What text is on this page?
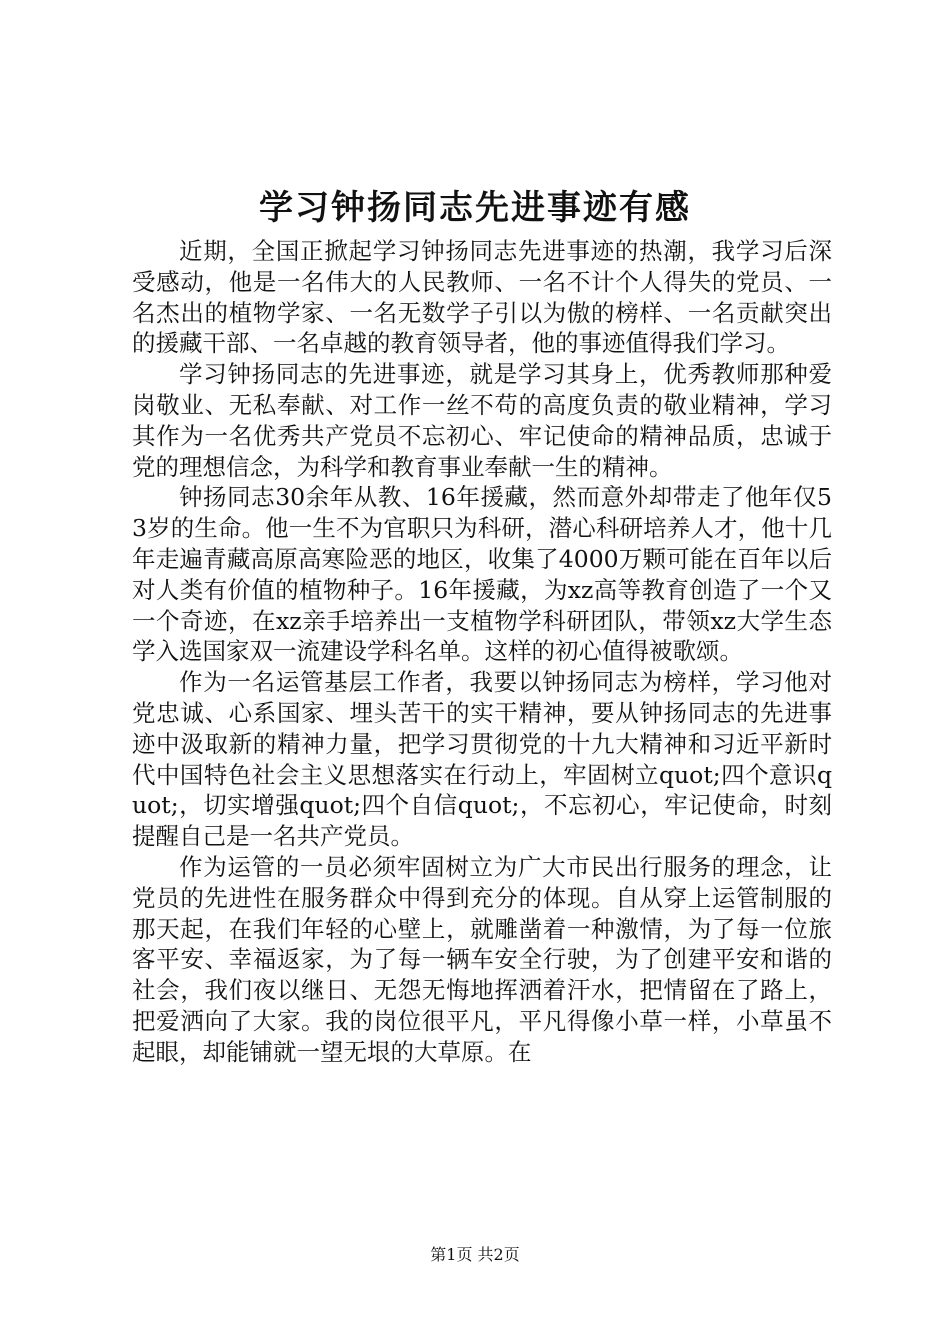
学习钟扬同志先进事迹有感

近期，全国正掀起学习钟扬同志先进事迹的热潮，我学习后深受感动，他是一名伟大的人民教师、一名不计个人得失的党员、一名杰出的植物学家、一名无数学子引以为傲的榜样、一名贡献突出的援藏干部、一名卓越的教育领导者，他的事迹值得我们学习。

学习钟扬同志的先进事迹，就是学习其身上，优秀教师那种爱岗敬业、无私奉献、对工作一丝不苟的高度负责的敬业精神，学习其作为一名优秀共产党员不忘初心、牢记使命的精神品质，忠诚于党的理想信念，为科学和教育事业奉献一生的精神。

钟扬同志30余年从教、16年援藏，然而意外却带走了他年仅53岁的生命。他一生不为官职只为科研，潜心科研培养人才，他十几年走遍青藏高原高寒险恶的地区，收集了4000万颗可能在百年以后对人类有价值的植物种子。16年援藏，为xz高等教育创造了一个又一个奇迹，在xz亲手培养出一支植物学科研团队，带领xz大学生态学入选国家双一流建设学科名单。这样的初心值得被歌颂。

作为一名运管基层工作者，我要以钟扬同志为榜样，学习他对党忠诚、心系国家、埋头苦干的实干精神，要从钟扬同志的先进事迹中汲取新的精神力量，把学习贯彻党的十九大精神和习近平新时代中国特色社会主义思想落实在行动上，牢固树立quot;四个意识quot;，切实增强quot;四个自信quot;，不忘初心，牢记使命，时刻提醒自己是一名共产党员。

作为运管的一员必须牢固树立为广大市民出行服务的理念，让党员的先进性在服务群众中得到充分的体现。自从穿上运管制服的那天起，在我们年轻的心壁上，就雕凿着一种激情，为了每一位旅客平安、幸福返家，为了每一辆车安全行驶，为了创建平安和谐的社会，我们夜以继日、无怨无悔地挥洒着汗水，把情留在了路上，把爱洒向了大家。我的岗位很平凡，平凡得像小草一样，小草虽不起眼，却能铺就一望无垠的大草原。在

第1页 共2页
